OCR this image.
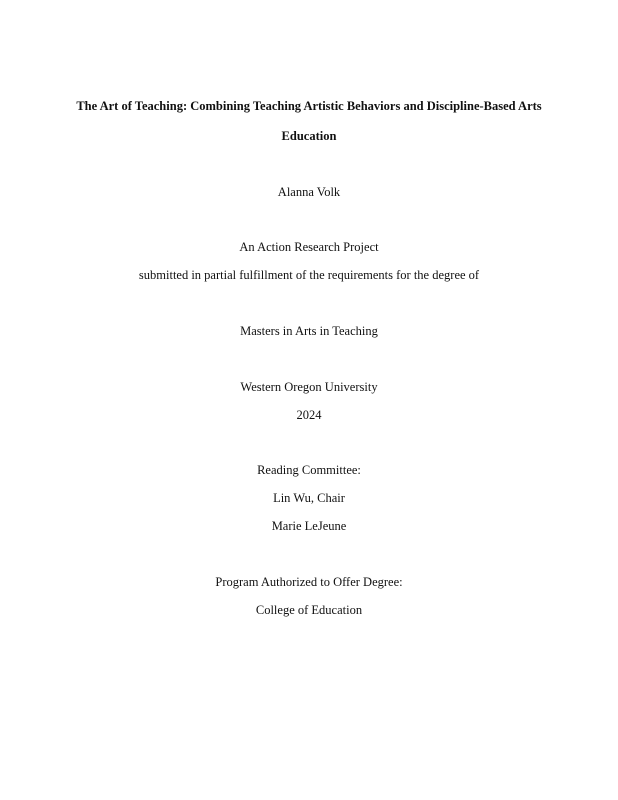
The Art of Teaching: Combining Teaching Artistic Behaviors and Discipline-Based Arts
Education
Alanna Volk
An Action Research Project
submitted in partial fulfillment of the requirements for the degree of
Masters in Arts in Teaching
Western Oregon University
2024
Reading Committee:
Lin Wu, Chair
Marie LeJeune
Program Authorized to Offer Degree:
College of Education
